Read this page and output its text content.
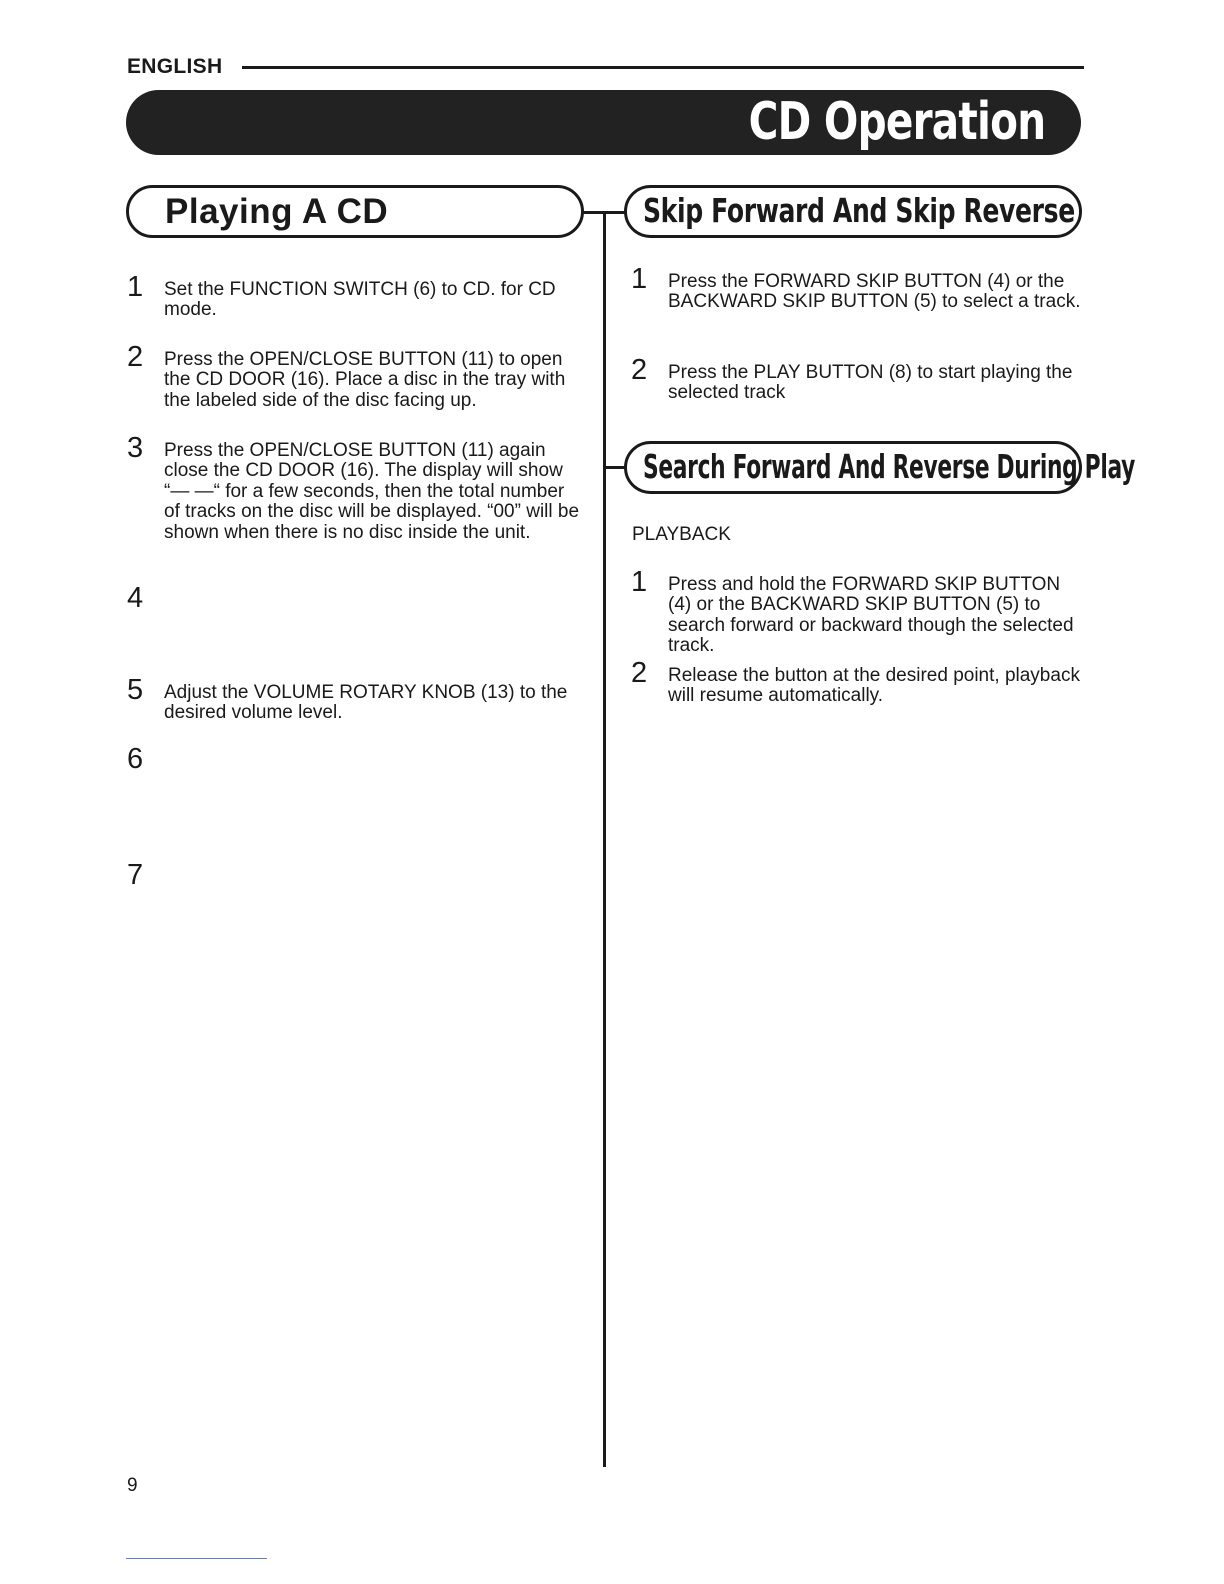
ENGLISH
CD Operation
Playing A CD	Skip Forward And Skip Reverse
Search Forward And Reverse During Play
1 Set the FUNCTION SWITCH (6) to CD. for CD mode.
2 Press the OPEN/CLOSE BUTTON (11) to open the CD DOOR (16). Place a disc in the tray with the labeled side of the disc facing up.
3 Press the OPEN/CLOSE BUTTON (11) again close the CD DOOR (16). The display will show “— —“ for a few seconds, then the total number of tracks on the disc will be displayed. “00” will be shown when there is no disc inside the unit.
4
5 Adjust the VOLUME ROTARY KNOB (13) to the desired volume level.
6
7
1 Press the FORWARD SKIP BUTTON (4) or the BACKWARD SKIP BUTTON (5) to select a track.
2 Press the PLAY BUTTON (8) to start playing the selected track
PLAYBACK
1 Press and hold the FORWARD SKIP BUTTON (4) or the BACKWARD SKIP BUTTON (5) to search forward or backward though the selected track.
2 Release the button at the desired point, playback will resume automatically.
9
